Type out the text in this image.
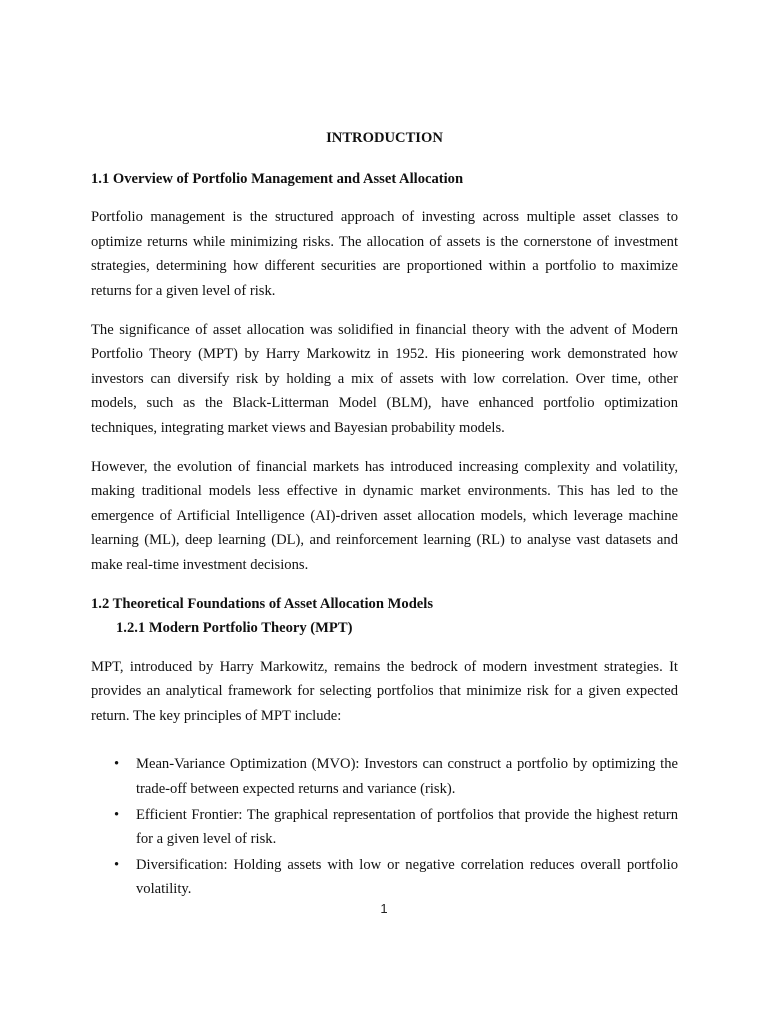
INTRODUCTION
1.1 Overview of Portfolio Management and Asset Allocation

Portfolio management is the structured approach of investing across multiple asset classes to optimize returns while minimizing risks. The allocation of assets is the cornerstone of investment strategies, determining how different securities are proportioned within a portfolio to maximize returns for a given level of risk.

The significance of asset allocation was solidified in financial theory with the advent of Modern Portfolio Theory (MPT) by Harry Markowitz in 1952. His pioneering work demonstrated how investors can diversify risk by holding a mix of assets with low correlation. Over time, other models, such as the Black-Litterman Model (BLM), have enhanced portfolio optimization techniques, integrating market views and Bayesian probability models.

However, the evolution of financial markets has introduced increasing complexity and volatility, making traditional models less effective in dynamic market environments. This has led to the emergence of Artificial Intelligence (AI)-driven asset allocation models, which leverage machine learning (ML), deep learning (DL), and reinforcement learning (RL) to analyse vast datasets and make real-time investment decisions.

1.2 Theoretical Foundations of Asset Allocation Models
1.2.1 Modern Portfolio Theory (MPT)

MPT, introduced by Harry Markowitz, remains the bedrock of modern investment strategies. It provides an analytical framework for selecting portfolios that minimize risk for a given expected return. The key principles of MPT include:

• Mean-Variance Optimization (MVO): Investors can construct a portfolio by optimizing the trade-off between expected returns and variance (risk).
• Efficient Frontier: The graphical representation of portfolios that provide the highest return for a given level of risk.
• Diversification: Holding assets with low or negative correlation reduces overall portfolio volatility.
1
